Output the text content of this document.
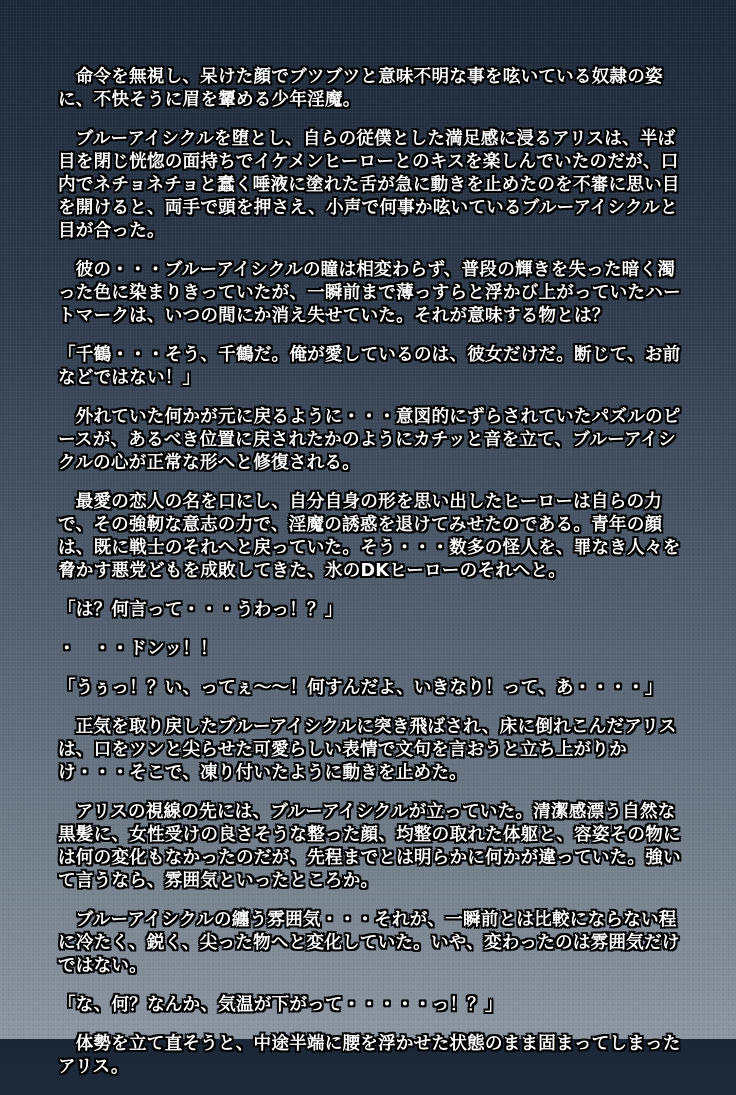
命令を無視し、呆けた顔でブツブツと意味不明な事を呟いている奴隷の姿に、不快そうに眉を顰める少年淫魔。

ブルーアイシクルを堕とし、自らの従僕とした満足感に浸るアリスは、半ば目を閉じ恍惚の面持ちでイケメンヒーローとのキスを楽しんでいたのだが、口内でネチョネチョと蠢く唾液に塗れた舌が急に動きを止めたのを不審に思い目を開けると、両手で頭を押さえ、小声で何事か呟いているブルーアイシクルと目が合った。

彼の・・・ブルーアイシクルの瞳は相変わらず、普段の輝きを失った暗く濁った色に染まりきっていたが、一瞬前まで薄っすらと浮かび上がっていたハートマークは、いつの間にか消え失せていた。それが意味する物とは？

「千鶴・・・そう、千鶴だ。俺が愛しているのは、彼女だけだ。断じて、お前などではない！」

外れていた何かが元に戻るように・・・意図的にずらされていたパズルのピースが、あるべき位置に戻されたかのようにカチッと音を立て、ブルーアイシクルの心が正常な形へと修復される。

最愛の恋人の名を口にし、自分自身の形を思い出したヒーローは自らの力で、その強靭な意志の力で、淫魔の誘惑を退けてみせたのである。青年の顔は、既に戦士のそれへと戻っていた。そう・・・数多の怪人を、罪なき人々を脅かす悪党どもを成敗してきた、氷のDKヒーローのそれへと。

「は？何言って・・・うわっ！？」

・　・・ドンッ！！

「うぅっ！？い、ってぇ～～！何すんだよ、いきなり！って、あ・・・・」

正気を取り戻したブルーアイシクルに突き飛ばされ、床に倒れこんだアリスは、口をツンと尖らせた可愛らしい表情で文句を言おうと立ち上がりかけ・・・そこで、凍り付いたように動きを止めた。

アリスの視線の先には、ブルーアイシクルが立っていた。清潔感漂う自然な黒髪に、女性受けの良さそうな整った顔、均整の取れた体躯と、容姿その物には何の変化もなかったのだが、先程までとは明らかに何かが違っていた。強いて言うなら、雰囲気といったところか。

ブルーアイシクルの纏う雰囲気・・・それが、一瞬前とは比較にならない程に冷たく、鋭く、尖った物へと変化していた。いや、変わったのは雰囲気だけではない。

「な、何？なんか、気温が下がって・・・・・っ！？」

体勢を立て直そうと、中途半端に腰を浮かせた状態のまま固まってしまったアリス。
